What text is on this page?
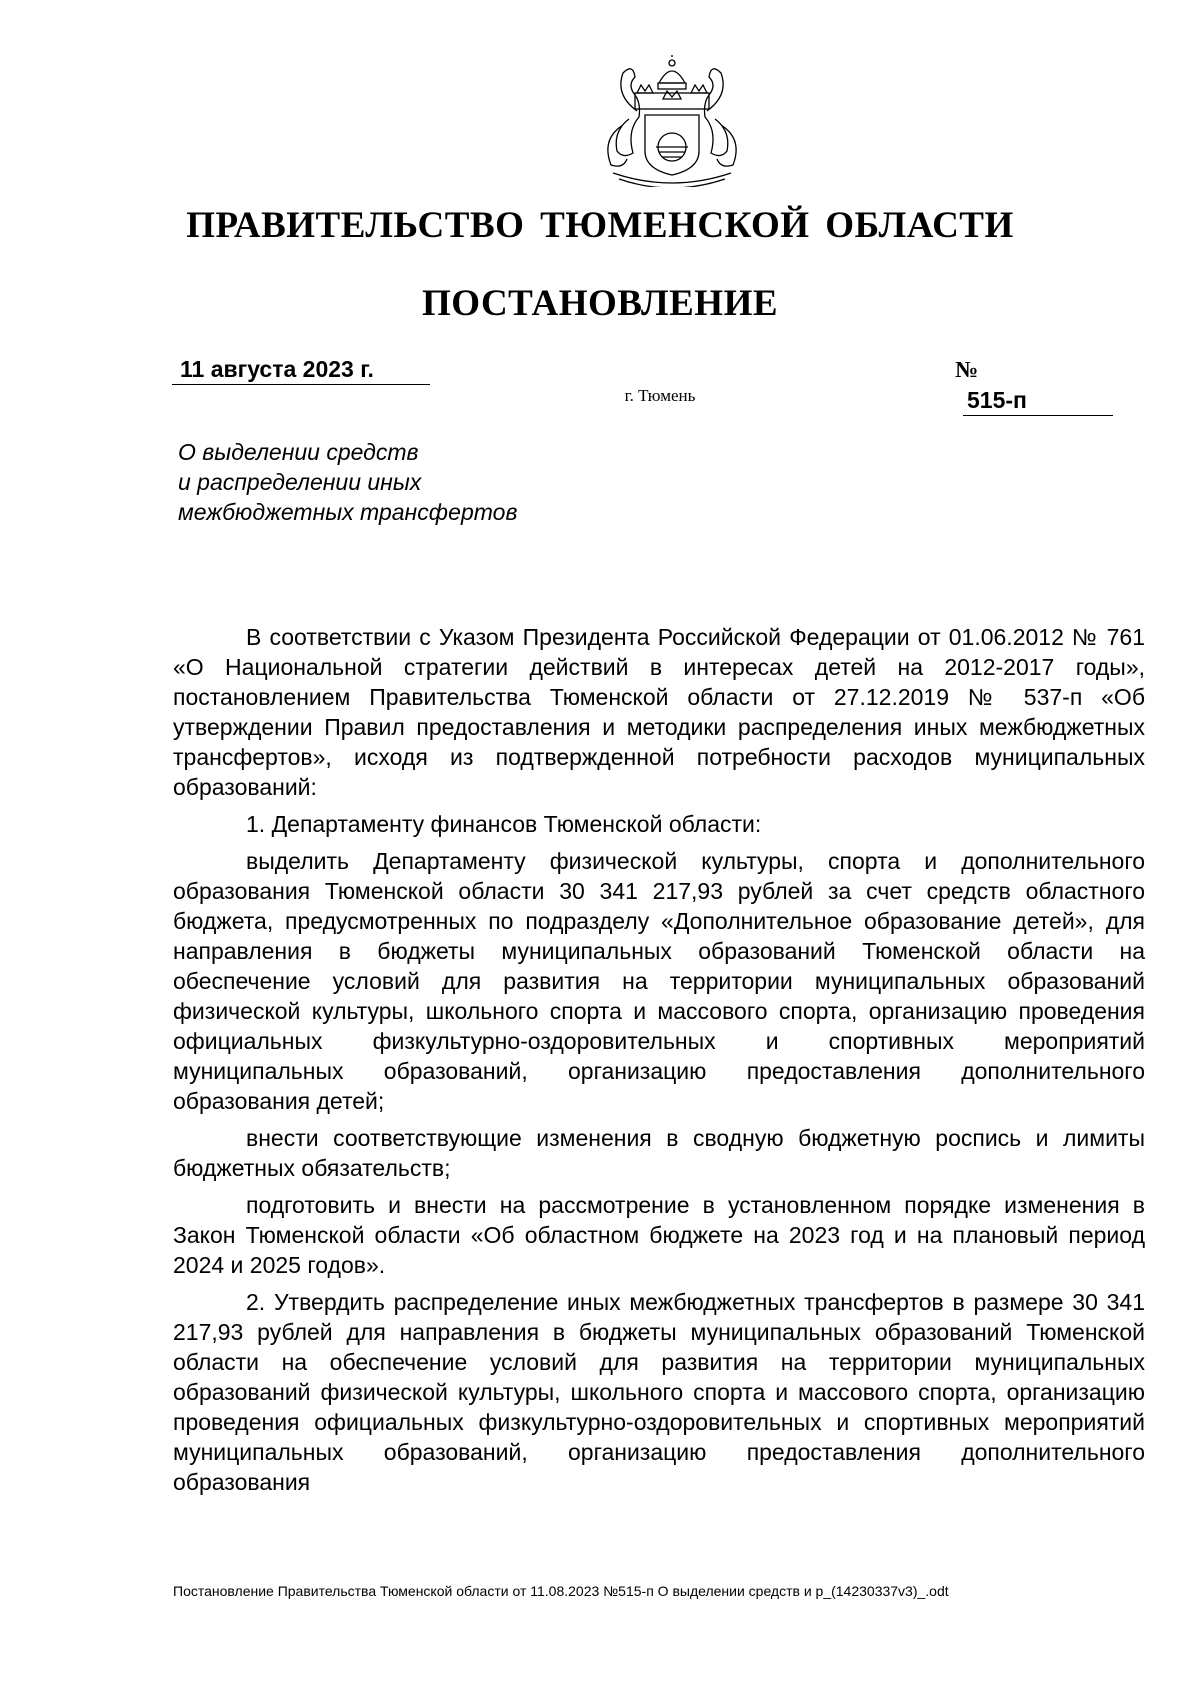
ПРАВИТЕЛЬСТВО ТЮМЕНСКОЙ ОБЛАСТИ
ПОСТАНОВЛЕНИЕ
11 августа 2023 г.	№515-п
г. Тюмень
О выделении средств
и распределении иных
межбюджетных трансфертов

В соответствии с Указом Президента Российской Федерации от 01.06.2012 № 761 «О Национальной стратегии действий в интересах детей на 2012-2017 годы», постановлением Правительства Тюменской области от 27.12.2019 № 537-п «Об утверждении Правил предоставления и методики распределения иных межбюджетных трансфертов», исходя из подтвержденной потребности расходов муниципальных образований:

1. Департаменту финансов Тюменской области:

выделить Департаменту физической культуры, спорта и дополнительного образования Тюменской области 30 341 217,93 рублей за счет средств областного бюджета, предусмотренных по подразделу «Дополнительное образование детей», для направления в бюджеты муниципальных образований Тюменской области на обеспечение условий для развития на территории муниципальных образований физической культуры, школьного спорта и массового спорта, организацию проведения официальных физкультурно-оздоровительных и спортивных мероприятий муниципальных образований, организацию предоставления дополнительного образования детей;

внести соответствующие изменения в сводную бюджетную роспись и лимиты бюджетных обязательств;

подготовить и внести на рассмотрение в установленном порядке изменения в Закон Тюменской области «Об областном бюджете на 2023 год и на плановый период 2024 и 2025 годов».

2. Утвердить распределение иных межбюджетных трансфертов в размере 30 341 217,93 рублей для направления в бюджеты муниципальных образований Тюменской области на обеспечение условий для развития на территории муниципальных образований физической культуры, школьного спорта и массового спорта, организацию проведения официальных физкультурно-оздоровительных и спортивных мероприятий муниципальных образований, организацию предоставления дополнительного образования

Постановление Правительства Тюменской области от 11.08.2023 №515-п О выделении средств и р_(14230337v3)_.odt
